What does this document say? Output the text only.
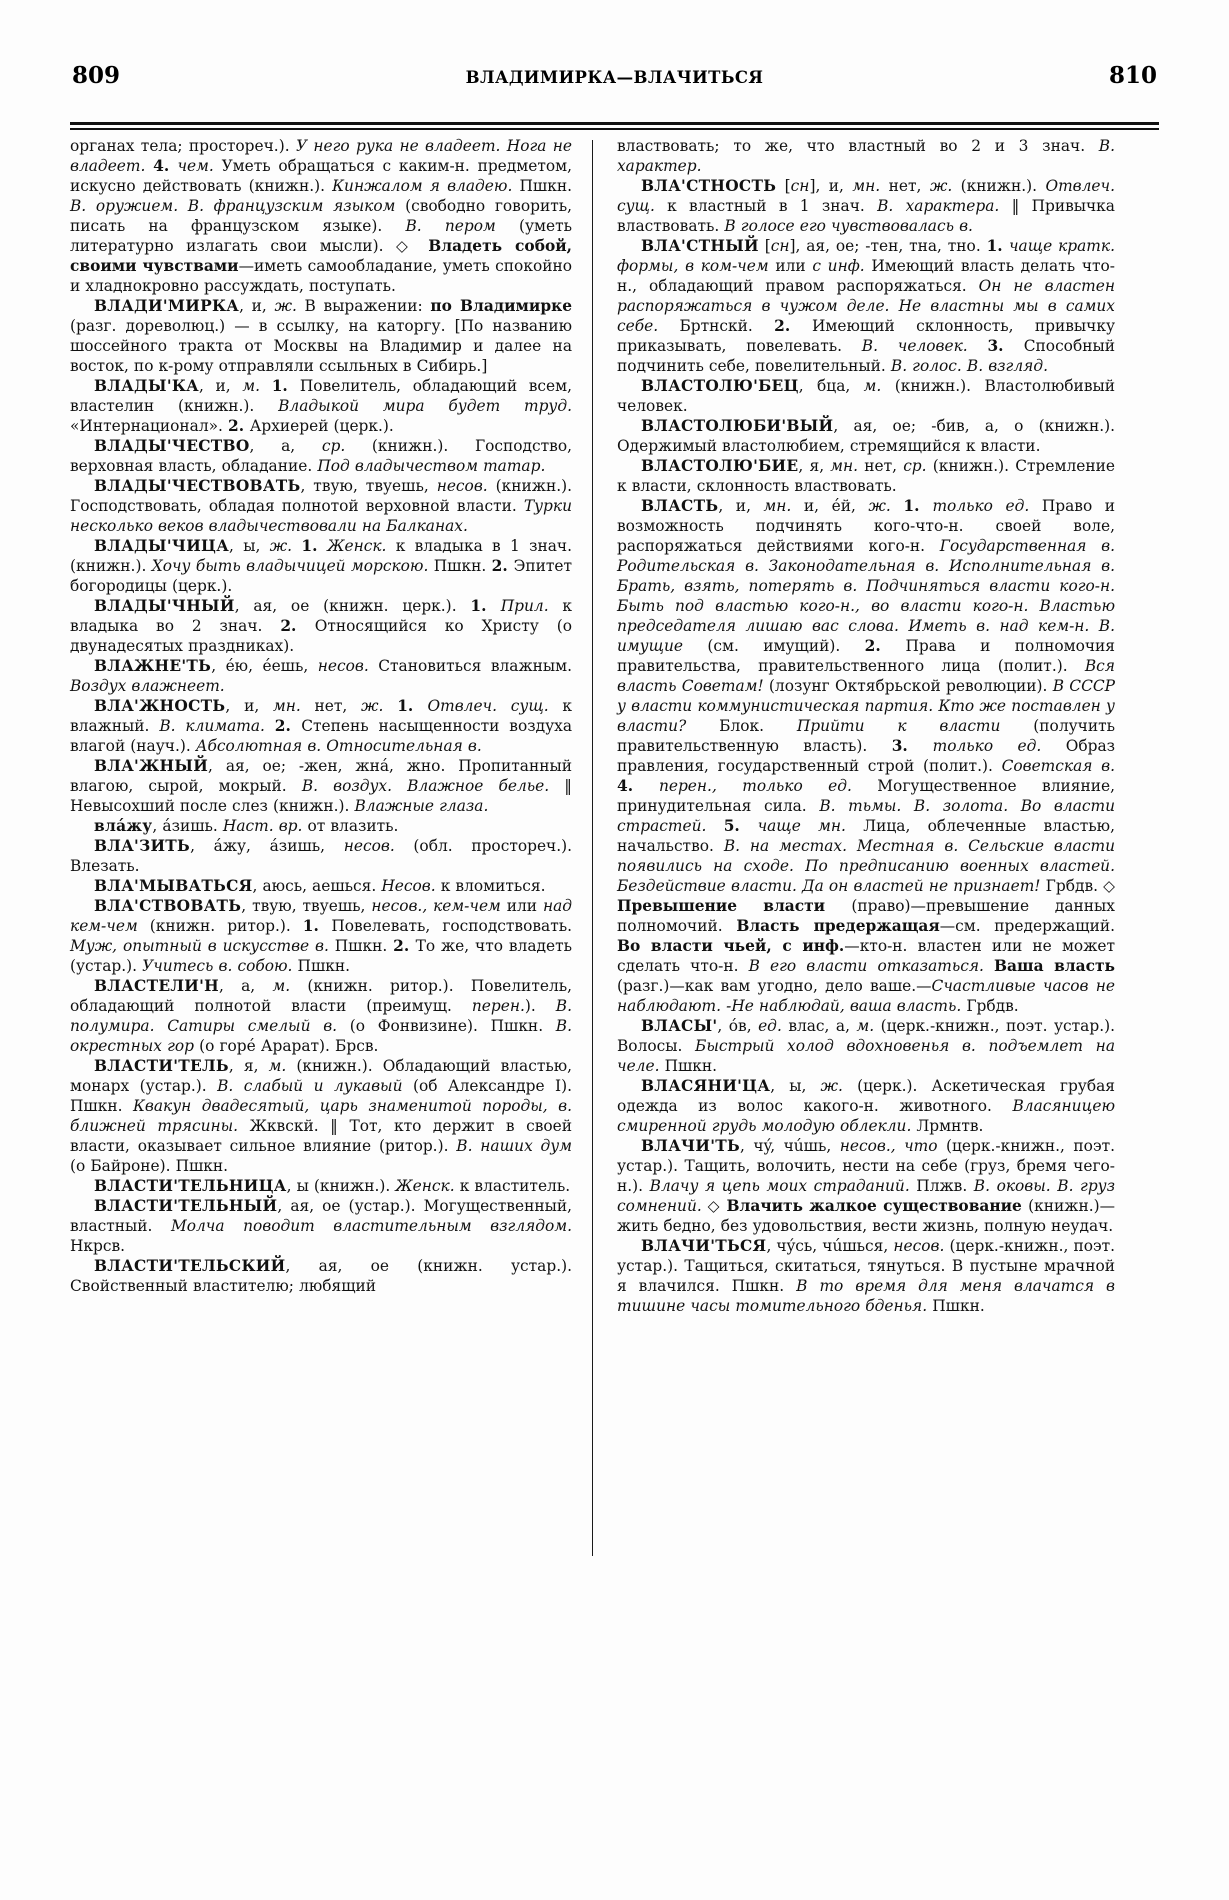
809	ВЛАДИМИРКА—ВЛАЧИТЬСЯ	810

органах тела; простореч.). У него рука не владеет. Нога не владеет. 4. чем. Уметь обращаться с каким-н. предметом, искусно действовать (книжн.). Кинжалом я владею. Пшкн. В. оружием. В. французским языком (свободно говорить, писать на французском языке). В. пером (уметь литературно излагать свои мысли). ◇ Владеть собой, своими чувствами—иметь самообладание, уметь спокойно и хладнокровно рассуждать, поступать.

ВЛАДИ'МИРКА, и, ж. В выражении: по Владимирке (разг. дореволюц.) — в ссылку, на каторгу. [По названию шоссейного тракта от Москвы на Владимир и далее на восток, по к-рому отправляли ссыльных в Сибирь.]

ВЛАДЫ'КА, и, м. 1. Повелитель, обладающий всем, властелин (книжн.). Владыкой мира будет труд. «Интернационал». 2. Архиерей (церк.).

ВЛАДЫ'ЧЕСТВО, а, ср. (книжн.). Господство, верховная власть, обладание. Под владычеством татар.

ВЛАДЫ'ЧЕСТВОВАТЬ, твую, твуешь, несов. (книжн.). Господствовать, обладая полнотой верховной власти. Турки несколько веков владычествовали на Балканах.

ВЛАДЫ'ЧИЦА, ы, ж. 1. Женск. к владыка в 1 знач. (книжн.). Хочу быть владычицей морскою. Пшкн. 2. Эпитет богородицы (церк.).

ВЛАДЫ'ЧНЫЙ, ая, ое (книжн. церк.). 1. Прил. к владыка во 2 знач. 2. Относящийся ко Христу (о двунадесятых праздниках).

ВЛАЖНЕ'ТЬ, éю, éешь, несов. Становиться влажным. Воздух влажнеет.

ВЛА'ЖНОСТЬ, и, мн. нет, ж. 1. Отвлеч. сущ. к влажный. В. климата. 2. Степень насыщенности воздуха влагой (науч.). Абсолютная в. Относительная в.

ВЛА'ЖНЫЙ, ая, ое; -жен, жнá, жно. Пропитанный влагою, сырой, мокрый. В. воздух. Влажное белье. ‖ Невысохший после слез (книжн.). Влажные глаза.

влáжу, áзишь. Наст. вр. от влазить.

ВЛА'ЗИТЬ, áжу, áзишь, несов. (обл. простореч.). Влезать.

ВЛА'МЫВАТЬСЯ, аюсь, аешься. Несов. к вломиться.

ВЛА'СТВОВАТЬ, твую, твуешь, несов., кем-чем или над кем-чем (книжн. ритор.). 1. Повелевать, господствовать. Муж, опытный в искусстве в. Пшкн. 2. То же, что владеть (устар.). Учитесь в. собою. Пшкн.

ВЛАСТЕЛИ'Н, а, м. (книжн. ритор.). Повелитель, обладающий полнотой власти (преимущ. перен.). В. полумира. Сатиры смелый в. (о Фонвизине). Пшкн. В. окрестных гор (о горé Арарат). Брсв.

ВЛАСТИ'ТЕЛЬ, я, м. (книжн.). Обладающий властью, монарх (устар.). В. слабый и лукавый (об Александре I). Пшкн. Квакун двадесятый, царь знаменитой породы, в. ближней трясины. Жквскй. ‖ Тот, кто держит в своей власти, оказывает сильное влияние (ритор.). В. наших дум (о Байроне). Пшкн.

ВЛАСТИ'ТЕЛЬНИЦА, ы (книжн.). Женск. к властитель.

ВЛАСТИ'ТЕЛЬНЫЙ, ая, ое (устар.). Могущественный, властный. Молча поводит властительным взглядом. Нкрсв.

ВЛАСТИ'ТЕЛЬСКИЙ, ая, ое (книжн. устар.). Свойственный властителю; любящий

властвовать; то же, что властный во 2 и 3 знач. В. характер.

ВЛА'СТНОСТЬ [сн], и, мн. нет, ж. (книжн.). Отвлеч. сущ. к властный в 1 знач. В. характера. ‖ Привычка властвовать. В голосе его чувствовалась в.

ВЛА'СТНЫЙ [сн], ая, ое; -тен, тна, тно. 1. чаще кратк. формы, в ком-чем или с инф. Имеющий власть делать что-н., обладающий правом распоряжаться. Он не властен распоряжаться в чужом деле. Не властны мы в самих себе. Бртнскй. 2. Имеющий склонность, привычку приказывать, повелевать. В. человек. 3. Способный подчинить себе, повелительный. В. голос. В. взгляд.

ВЛАСТОЛЮ'БЕЦ, бца, м. (книжн.). Властолюбивый человек.

ВЛАСТОЛЮБИ'ВЫЙ, ая, ое; -бив, а, о (книжн.). Одержимый властолюбием, стремящийся к власти.

ВЛАСТОЛЮ'БИЕ, я, мн. нет, ср. (книжн.). Стремление к власти, склонность властвовать.

ВЛАСТЬ, и, мн. и, éй, ж. 1. только ед. Право и возможность подчинять кого-что-н. своей воле, распоряжаться действиями кого-н. Государственная в. Родительская в. Законодательная в. Исполнительная в. Брать, взять, потерять в. Подчиняться власти кого-н. Быть под властью кого-н., во власти кого-н. Властью председателя лишаю вас слова. Иметь в. над кем-н. В. имущие (см. имущий). 2. Права и полномочия правительства, правительственного лица (полит.). Вся власть Советам! (лозунг Октябрьской революции). В СССР у власти коммунистическая партия. Кто же поставлен у власти? Блок. Прийти к власти (получить правительственную власть). 3. только ед. Образ правления, государственный строй (полит.). Советская в. 4. перен., только ед. Могущественное влияние, принудительная сила. В. тьмы. В. золота. Во власти страстей. 5. чаще мн. Лица, облеченные властью, начальство. В. на местах. Местная в. Сельские власти появились на сходе. По предписанию военных властей. Бездействие власти. Да он властей не признает! Грбдв. ◇ Превышение власти (право)—превышение данных полномочий. Власть предержащая—см. предержащий. Во власти чьей, с инф.—кто-н. властен или не может сделать что-н. В его власти отказаться. Ваша власть (разг.)—как вам угодно, дело ваше.—Счастливые часов не наблюдают. -Не наблюдай, ваша власть. Грбдв.

ВЛАСЫ', óв, ед. влас, а, м. (церк.-книжн., поэт. устар.). Волосы. Быстрый холод вдохновенья в. подъемлет на челе. Пшкн.

ВЛАСЯНИ'ЦА, ы, ж. (церк.). Аскетическая грубая одежда из волос какого-н. животного. Власяницею смиренной грудь молодую облекли. Лрмнтв.

ВЛАЧИ'ТЬ, чý, чúшь, несов., что (церк.-книжн., поэт. устар.). Тащить, волочить, нести на себе (груз, бремя чего-н.). Влачу я цепь моих страданий. Плжв. В. оковы. В. груз сомнений. ◇ Влачить жалкое существование (книжн.)—жить бедно, без удовольствия, вести жизнь, полную неудач.

ВЛАЧИ'ТЬСЯ, чýсь, чúшься, несов. (церк.-книжн., поэт. устар.). Тащиться, скитаться, тянуться. В пустыне мрачной я влачился. Пшкн. В то время для меня влачатся в тишине часы томительного бденья. Пшкн.
